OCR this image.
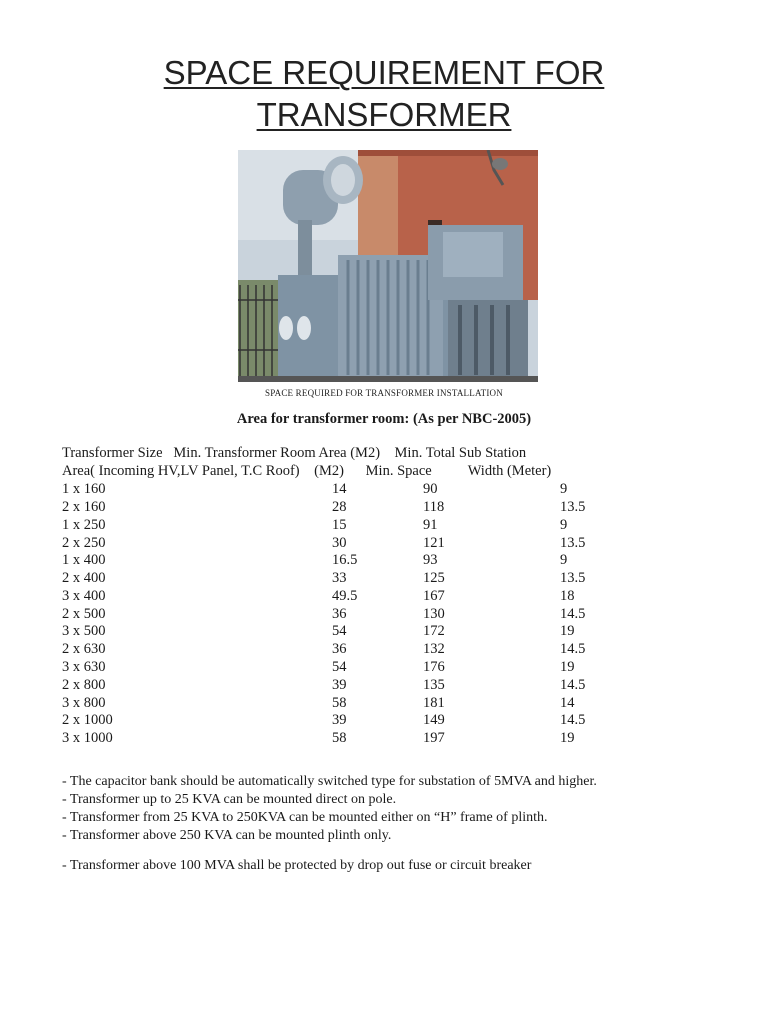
SPACE REQUIREMENT FOR
TRANSFORMER
SPACE REQUIRED FOR TRANSFORMER INSTALLATION
Area for transformer room: (As per NBC-2005)
Transformer Size   Min. Transformer Room Area (M2)    Min. Total Sub Station
Area( Incoming HV,LV Panel, T.C Roof)    (M2)      Min. Space          Width (Meter)
1 x 160	14	90	9
2 x 160	28	118	13.5
1 x 250	15	91	9
2 x 250	30	121	13.5
1 x 400	16.5	93	9
2 x 400	33	125	13.5
3 x 400	49.5	167	18
2 x 500	36	130	14.5
3 x 500	54	172	19
2 x 630	36	132	14.5
3 x 630	54	176	19
2 x 800	39	135	14.5
3 x 800	58	181	14
2 x 1000	39	149	14.5
3 x 1000	58	197	19
- The capacitor bank should be automatically switched type for substation of 5MVA and higher.
- Transformer up to 25 KVA can be mounted direct on pole.
- Transformer from 25 KVA to 250KVA can be mounted either on “H” frame of plinth.
- Transformer above 250 KVA can be mounted plinth only.
- Transformer above 100 MVA shall be protected by drop out fuse or circuit breaker
